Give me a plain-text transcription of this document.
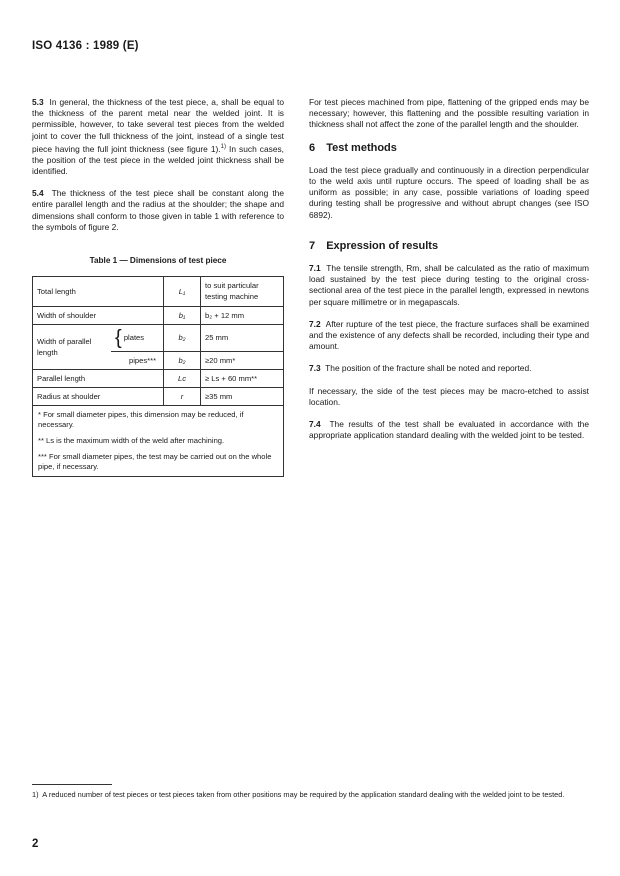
ISO 4136 : 1989 (E)

5.3 In general, the thickness of the test piece, a, shall be equal to the thickness of the parent metal near the welded joint. It is permissible, however, to take several test pieces from the welded joint to cover the full thickness of the joint, instead of a single test piece having the full joint thickness (see figure 1).$^{1)}$ In such cases, the position of the test piece in the welded joint thickness shall be identified.

5.4 The thickness of the test piece shall be constant along the entire parallel length and the radius at the shoulder; the shape and dimensions shall conform to those given in table 1 with reference to the symbols of figure 2.

Table 1 — Dimensions of test piece
Total length		L₁	to suit particular testing machine
Width of shoulder		b₁	b₂ + 12 mm
Width of parallel length	{ plates	b₂	25 mm
	pipes***	b₂	≥20 mm*
Parallel length		Lc	≥ Ls + 60 mm**
Radius at shoulder		r	≥35 mm

* For small diameter pipes, this dimension may be reduced, if necessary.
** Ls is the maximum width of the weld after machining.
*** For small diameter pipes, the test may be carried out on the whole pipe, if necessary.			

For test pieces machined from pipe, flattening of the gripped ends may be necessary; however, this flattening and the possible resulting variation in thickness shall not affect the zone of the parallel length and the shoulder.

6 Test methods

Load the test piece gradually and continuously in a direction perpendicular to the weld axis until rupture occurs. The speed of loading shall be as uniform as possible; in any case, possible variations of loading speed during testing shall be progressive and without abrupt changes (see ISO 6892).

7 Expression of results

7.1 The tensile strength, Rm, shall be calculated as the ratio of maximum load sustained by the test piece during testing to the original cross-sectional area of the test piece in the parallel length, expressed in newtons per square millimetre or in megapascals.

7.2 After rupture of the test piece, the fracture surfaces shall be examined and the existence of any defects shall be recorded, including their type and amount.

7.3 The position of the fracture shall be noted and reported.

If necessary, the side of the test pieces may be macro-etched to assist location.

7.4 The results of the test shall be evaluated in accordance with the appropriate application standard dealing with the welded joint to be tested.

1) A reduced number of test pieces or test pieces taken from other positions may be required by the application standard dealing with the welded joint to be tested.
2
